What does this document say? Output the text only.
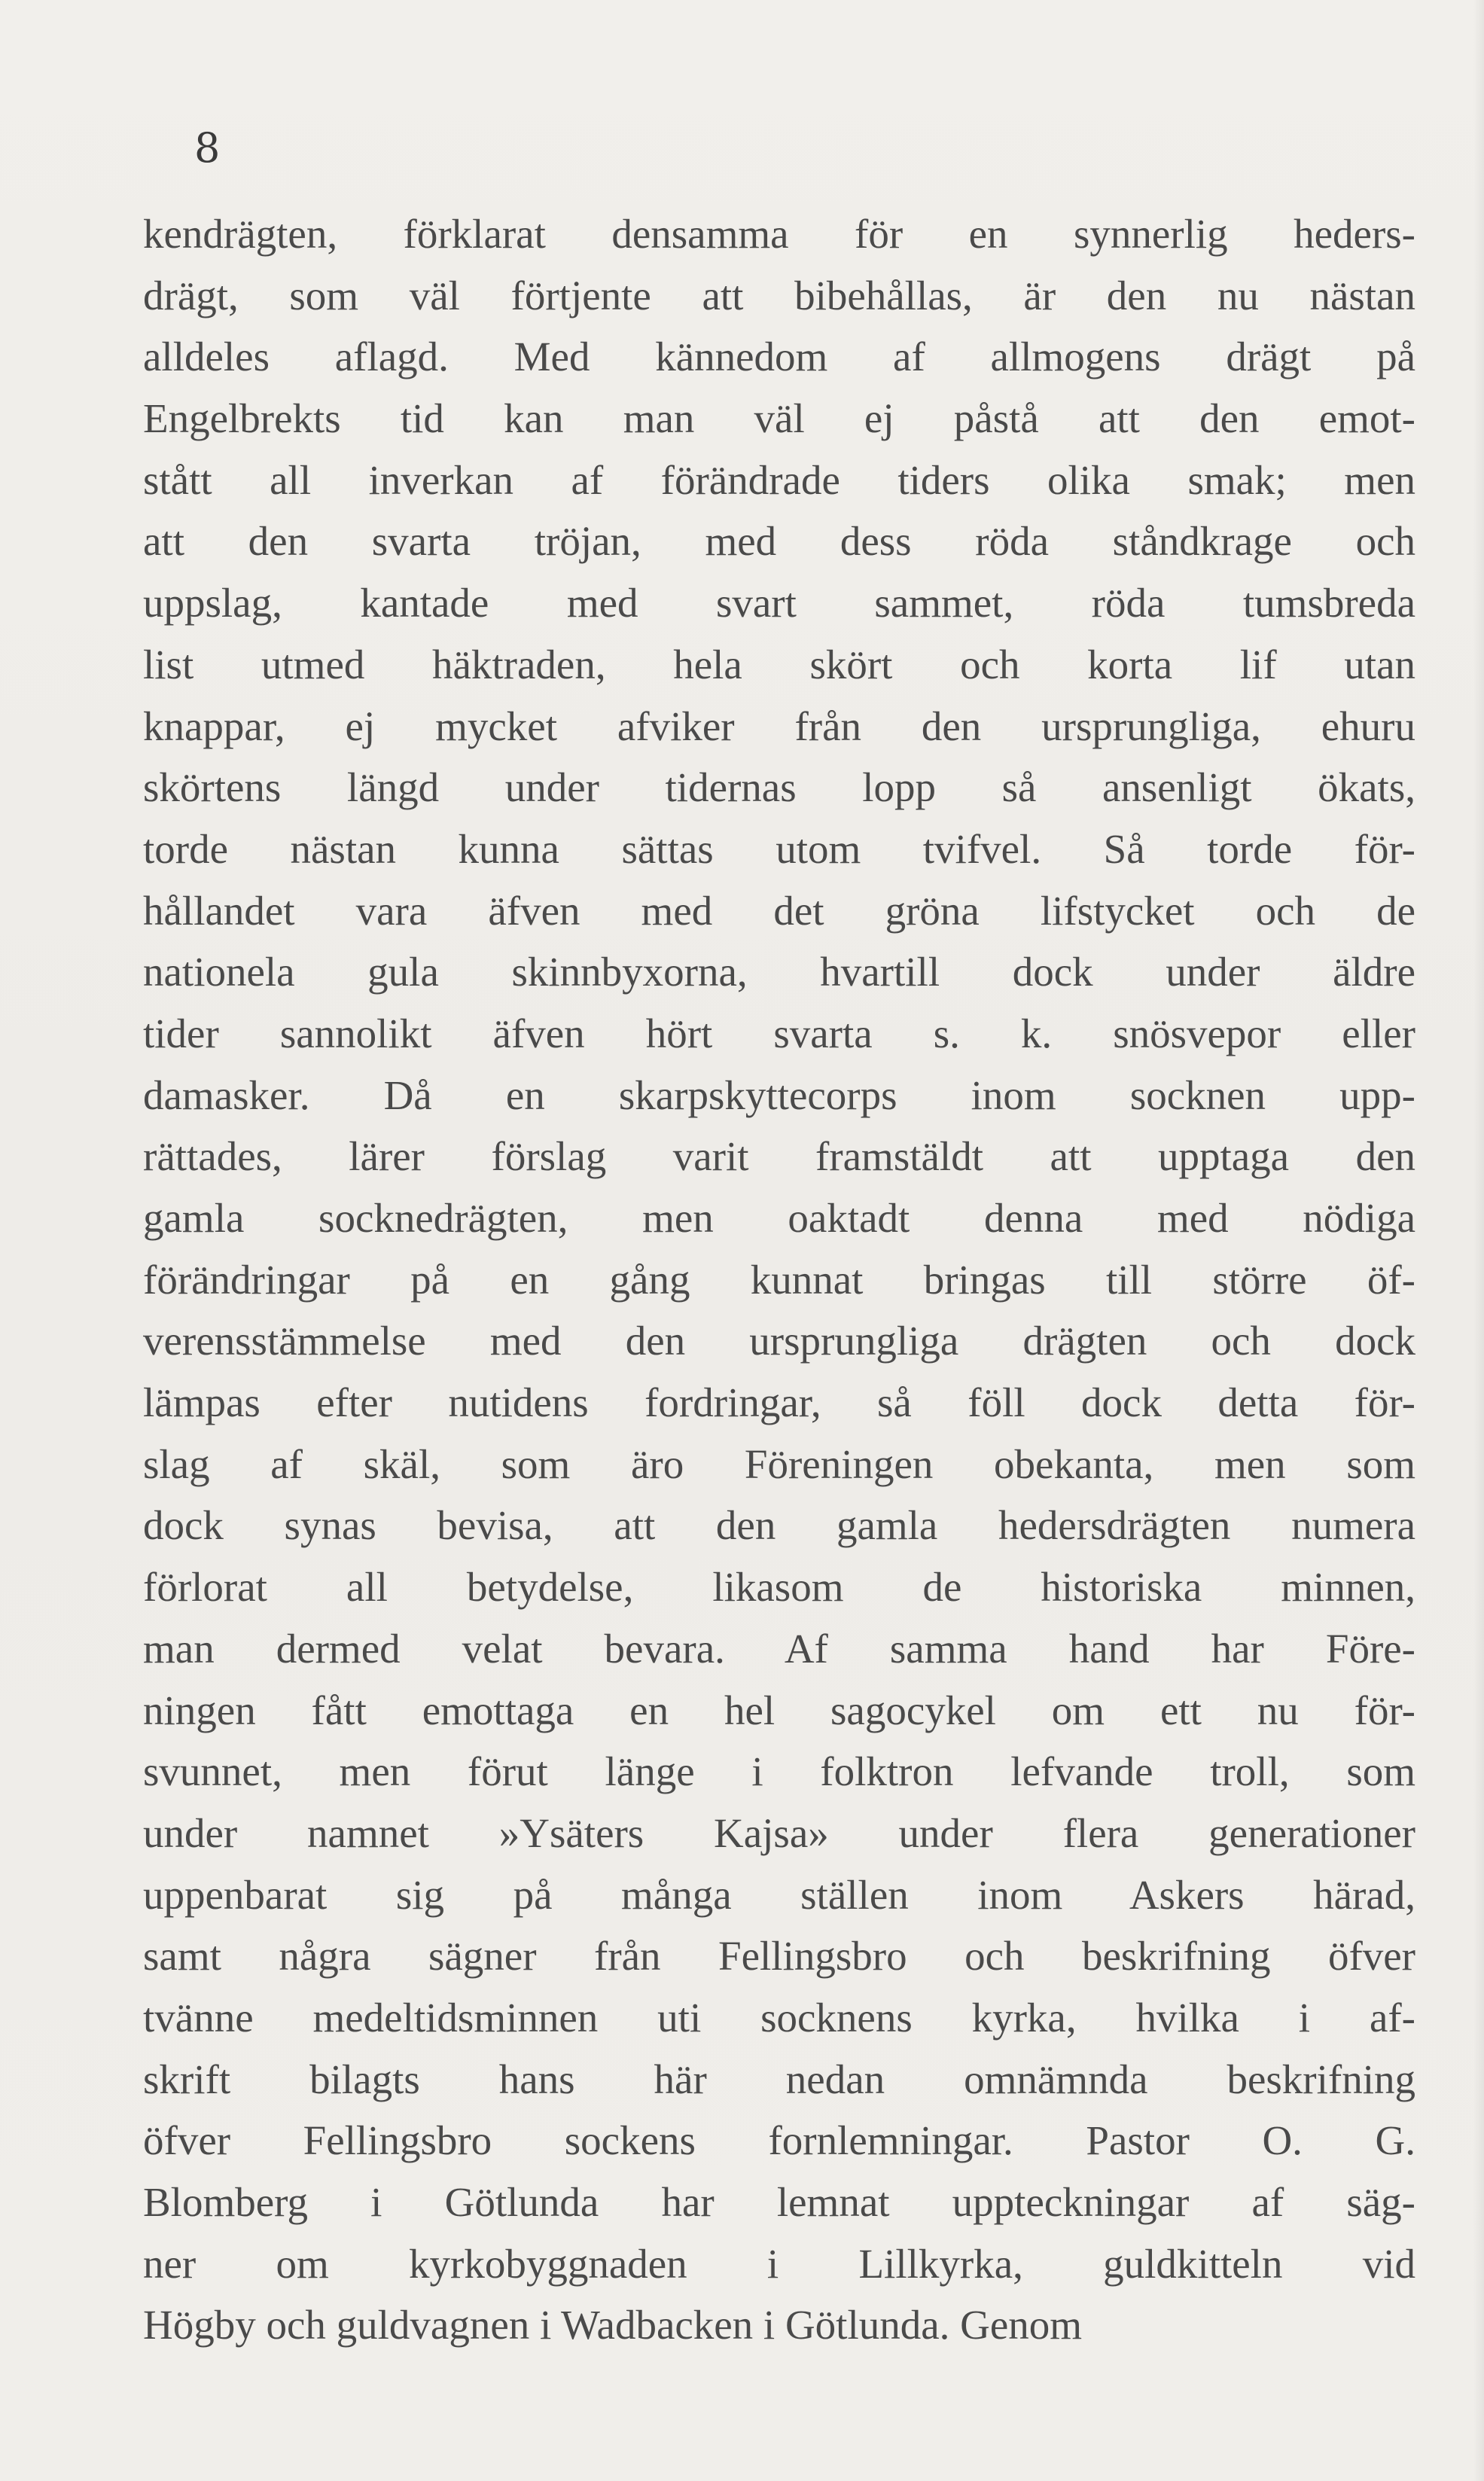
8
kendrägten, förklarat densamma för en synnerlig heders-
drägt, som väl förtjente att bibehållas, är den nu nästan
alldeles aflagd. Med kännedom af allmogens drägt på
Engelbrekts tid kan man väl ej påstå att den emot-
stått all inverkan af förändrade tiders olika smak; men
att den svarta tröjan, med dess röda ståndkrage och
uppslag, kantade med svart sammet, röda tumsbreda
list utmed häktraden, hela skört och korta lif utan
knappar, ej mycket afviker från den ursprungliga, ehuru
skörtens längd under tidernas lopp så ansenligt ökats,
torde nästan kunna sättas utom tvifvel. Så torde för-
hållandet vara äfven med det gröna lifstycket och de
nationela gula skinnbyxorna, hvartill dock under äldre
tider sannolikt äfven hört svarta s. k. snösvepor eller
damasker. Då en skarpskyttecorps inom socknen upp-
rättades, lärer förslag varit framstäldt att upptaga den
gamla socknedrägten, men oaktadt denna med nödiga
förändringar på en gång kunnat bringas till större öf-
verensstämmelse med den ursprungliga drägten och dock
lämpas efter nutidens fordringar, så föll dock detta för-
slag af skäl, som äro Föreningen obekanta, men som
dock synas bevisa, att den gamla hedersdrägten numera
förlorat all betydelse, likasom de historiska minnen,
man dermed velat bevara. Af samma hand har Före-
ningen fått emottaga en hel sagocykel om ett nu för-
svunnet, men förut länge i folktron lefvande troll, som
under namnet »Ysäters Kajsa» under flera generationer
uppenbarat sig på många ställen inom Askers härad,
samt några sägner från Fellingsbro och beskrifning öfver
tvänne medeltidsminnen uti socknens kyrka, hvilka i af-
skrift bilagts hans här nedan omnämnda beskrifning
öfver Fellingsbro sockens fornlemningar. Pastor O. G.
Blomberg i Götlunda har lemnat uppteckningar af säg-
ner om kyrkobyggnaden i Lillkyrka, guldkitteln vid
Högby och guldvagnen i Wadbacken i Götlunda. Genom
